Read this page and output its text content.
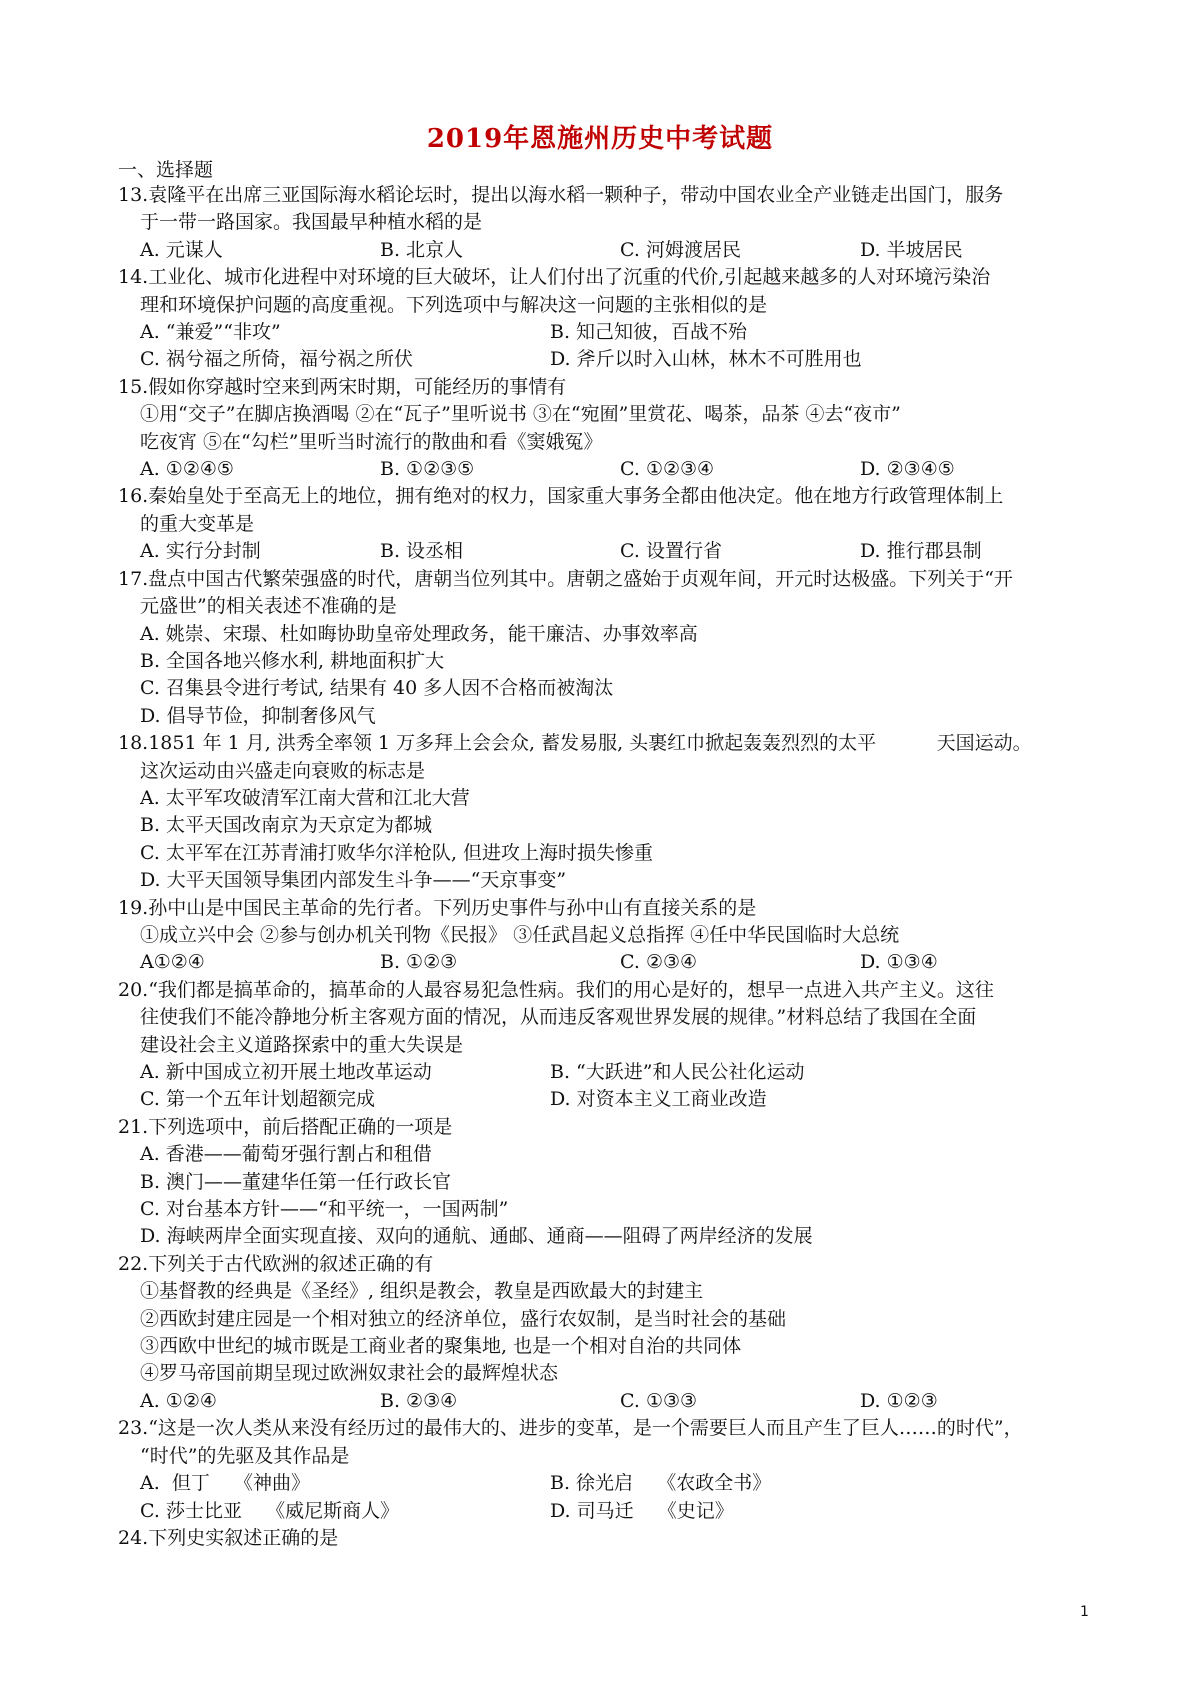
2019年恩施州历史中考试题
一、选择题
13.袁隆平在出席三亚国际海水稻论坛时，提出以海水稻一颗种子，带动中国农业全产业链走出国门，服务
于一带一路国家。我国最早种植水稻的是
A. 元谋人	B. 北京人	C. 河姆渡居民	D. 半坡居民
14.工业化、城市化进程中对环境的巨大破坏，让人们付出了沉重的代价,引起越来越多的人对环境污染治
理和环境保护问题的高度重视。下列选项中与解决这一问题的主张相似的是
A. “兼爱”“非攻”	B. 知己知彼，百战不殆
C. 祸兮福之所倚，福兮祸之所伏	D. 斧斤以时入山林，林木不可胜用也
15.假如你穿越时空来到两宋时期，可能经历的事情有
①用“交子”在脚店换酒喝 ②在“瓦子”里听说书 ③在“宛囿”里赏花、喝茶，品茶 ④去“夜市”
吃夜宵 ⑤在“勾栏”里听当时流行的散曲和看《窦娥冤》
A. ①②④⑤	B. ①②③⑤	C. ①②③④	D. ②③④⑤
16.秦始皇处于至高无上的地位，拥有绝对的权力，国家重大事务全都由他决定。他在地方行政管理体制上
的重大变革是
A. 实行分封制	B. 设丞相	C. 设置行省	D. 推行郡县制
17.盘点中国古代繁荣强盛的时代，唐朝当位列其中。唐朝之盛始于贞观年间，开元时达极盛。下列关于“开
元盛世”的相关表述不准确的是
A. 姚崇、宋璟、杜如晦协助皇帝处理政务，能干廉洁、办事效率高
B. 全国各地兴修水利, 耕地面积扩大
C. 召集县令进行考试, 结果有 40 多人因不合格而被淘汰
D. 倡导节俭，抑制奢侈风气
18.1851 年 1 月, 洪秀全率领 1 万多拜上会会众, 蓄发易服, 头裹红巾掀起轰轰烈烈的太平          天国运动。
这次运动由兴盛走向衰败的标志是
A. 太平军攻破清军江南大营和江北大营
B. 太平天国改南京为天京定为都城
C. 太平军在江苏青浦打败华尔洋枪队, 但进攻上海时损失惨重
D. 大平天国领导集团内部发生斗争——“天京事变”
19.孙中山是中国民主革命的先行者。下列历史事件与孙中山有直接关系的是
①成立兴中会 ②参与创办机关刊物《民报》 ③任武昌起义总指挥 ④任中华民国临时大总统
A①②④	B. ①②③	C. ②③④	D. ①③④
20.“我们都是搞革命的，搞革命的人最容易犯急性病。我们的用心是好的，想早一点进入共产主义。这往
往使我们不能冷静地分析主客观方面的情况，从而违反客观世界发展的规律。”材料总结了我国在全面
建设社会主义道路探索中的重大失误是
A. 新中国成立初开展土地改革运动	B. “大跃进”和人民公社化运动
C. 第一个五年计划超额完成	D. 对资本主义工商业改造
21.下列选项中，前后搭配正确的一项是
A. 香港——葡萄牙强行割占和租借
B. 澳门——董建华任第一任行政长官
C. 对台基本方针——“和平统一，一国两制”
D. 海峡两岸全面实现直接、双向的通航、通邮、通商——阻碍了两岸经济的发展
22.下列关于古代欧洲的叙述正确的有
①基督教的经典是《圣经》, 组织是教会，教皇是西欧最大的封建主
②西欧封建庄园是一个相对独立的经济单位，盛行农奴制，是当时社会的基础
③西欧中世纪的城市既是工商业者的聚集地, 也是一个相对自治的共同体
④罗马帝国前期呈现过欧洲奴隶社会的最辉煌状态
A. ①②④	B. ②③④	C. ①③③	D. ①②③
23.“这是一次人类从来没有经历过的最伟大的、进步的变革，是一个需要巨人而且产生了巨人……的时代”，
“时代”的先驱及其作品是
A.  但丁    《神曲》	B. 徐光启    《农政全书》
C. 莎士比亚    《威尼斯商人》	D. 司马迁    《史记》
24.下列史实叙述正确的是
1
